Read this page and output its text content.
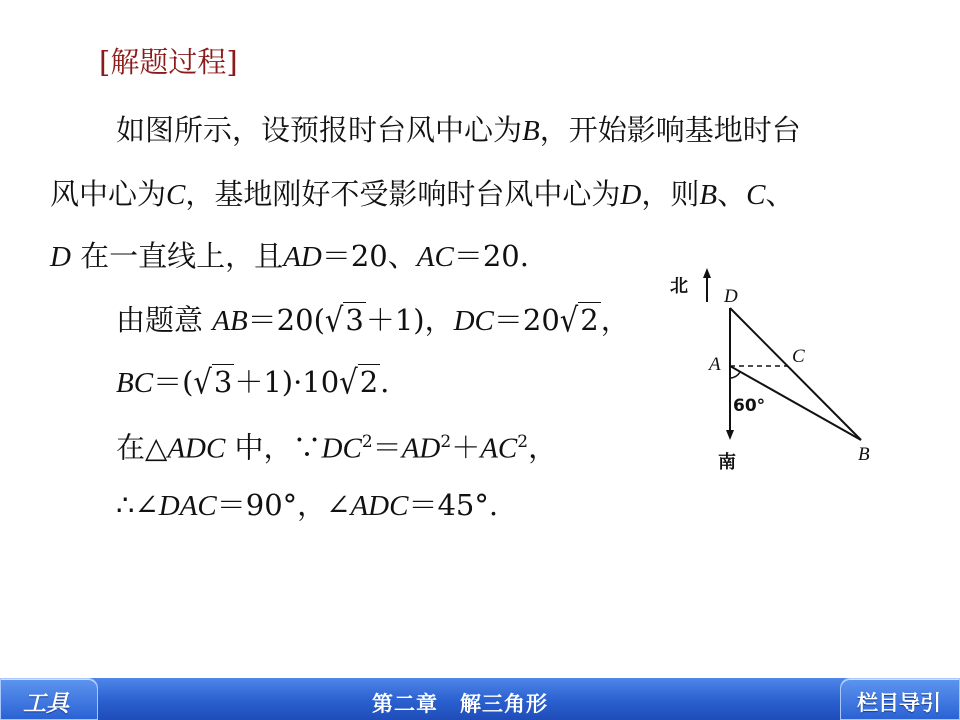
[解题过程]
如图所示，设预报时台风中心为B，开始影响基地时台
风中心为C，基地刚好不受影响时台风中心为D，则B、C、
D 在一直线上，且AD＝20、AC＝20.
由题意 AB＝20(√3＋1)，DC＝20√2，
BC＝(√3＋1)·10√2.
在△ADC 中，$\because DC^2=AD^2+AC^2$，
∴∠DAC＝90°，∠ADC＝45°.
北 D
A	C
60°
南	B
工具	第二章　解三角形	栏目导引
